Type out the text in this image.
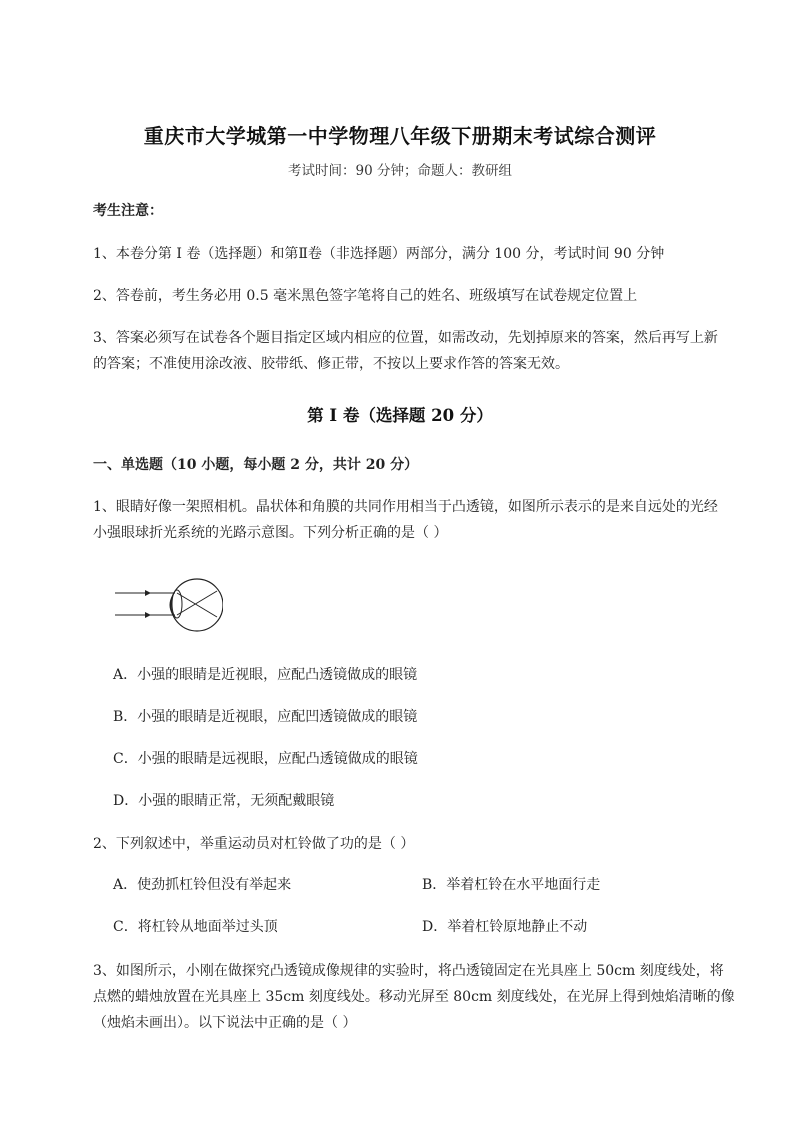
重庆市大学城第一中学物理八年级下册期末考试综合测评
考试时间：90 分钟；命题人：教研组
考生注意：
1、本卷分第 I 卷（选择题）和第Ⅱ卷（非选择题）两部分，满分 100 分，考试时间 90 分钟
2、答卷前，考生务必用 0.5 毫米黑色签字笔将自己的姓名、班级填写在试卷规定位置上
3、答案必须写在试卷各个题目指定区域内相应的位置，如需改动，先划掉原来的答案，然后再写上新
的答案；不准使用涂改液、胶带纸、修正带，不按以上要求作答的答案无效。
第 I 卷（选择题 20 分）
一、单选题（10 小题，每小题 2 分，共计 20 分）
1、眼睛好像一架照相机。晶状体和角膜的共同作用相当于凸透镜，如图所示表示的是来自远处的光经
小强眼球折光系统的光路示意图。下列分析正确的是（ ）
A．小强的眼睛是近视眼，应配凸透镜做成的眼镜
B．小强的眼睛是近视眼，应配凹透镜做成的眼镜
C．小强的眼睛是远视眼，应配凸透镜做成的眼镜
D．小强的眼睛正常，无须配戴眼镜
2、下列叙述中，举重运动员对杠铃做了功的是（ ）
A．使劲抓杠铃但没有举起来	B．举着杠铃在水平地面行走
C．将杠铃从地面举过头顶	D．举着杠铃原地静止不动
3、如图所示，小刚在做探究凸透镜成像规律的实验时，将凸透镜固定在光具座上 50cm 刻度线处，将
点燃的蜡烛放置在光具座上 35cm 刻度线处。移动光屏至 80cm 刻度线处，在光屏上得到烛焰清晰的像
（烛焰未画出）。以下说法中正确的是（ ）
